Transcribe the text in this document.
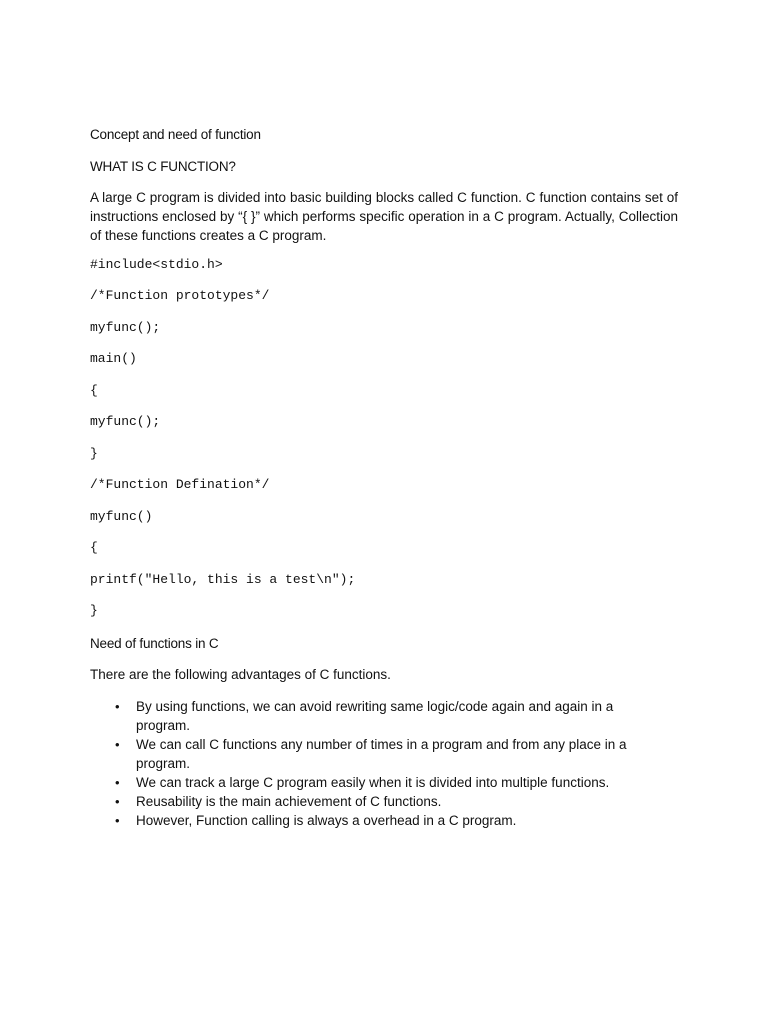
Concept and need of function

WHAT IS C FUNCTION?

A large C program is divided into basic building blocks called C function. C function contains set of instructions enclosed by “{ }” which performs specific operation in a C program. Actually, Collection of these functions creates a C program.

#include<stdio.h>

/*Function prototypes*/

myfunc();

main()

{

myfunc();

}

/*Function Defination*/

myfunc()

{

printf("Hello, this is a test\n");

}

Need of functions in C

There are the following advantages of C functions.

• By using functions, we can avoid rewriting same logic/code again and again in a program.
• We can call C functions any number of times in a program and from any place in a program.
• We can track a large C program easily when it is divided into multiple functions.
• Reusability is the main achievement of C functions.
• However, Function calling is always a overhead in a C program.
